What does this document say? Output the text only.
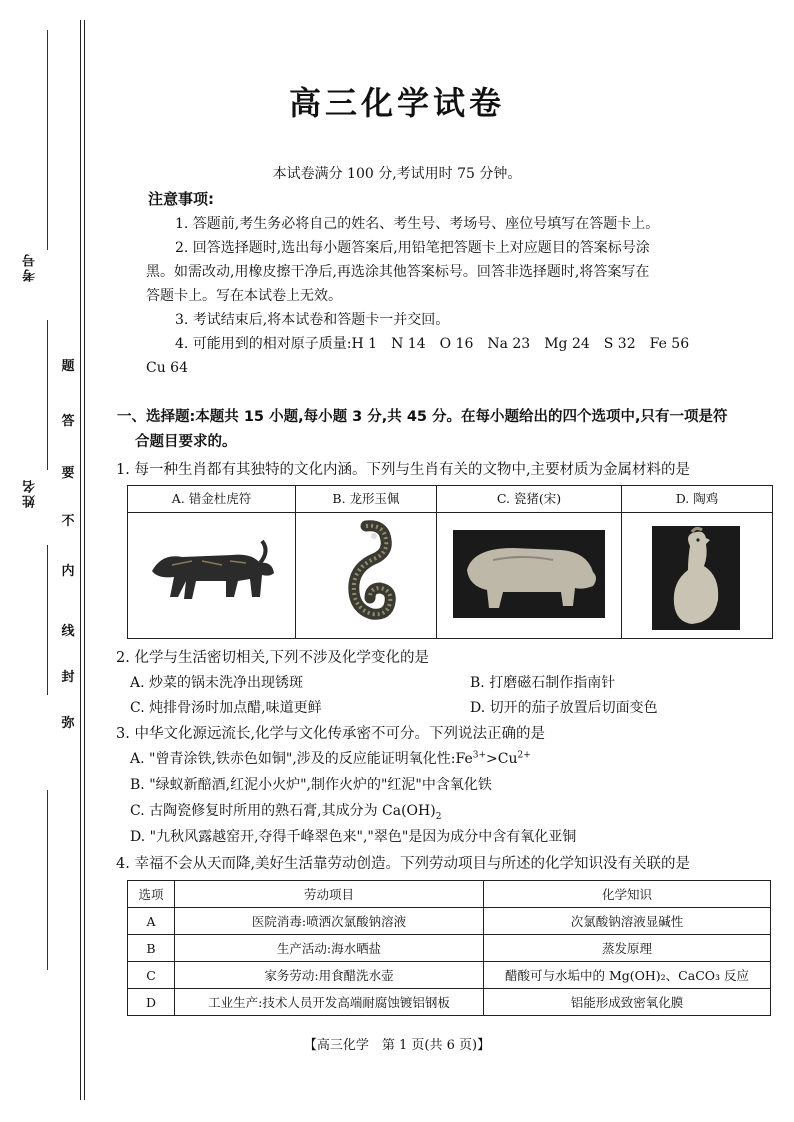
考号
姓名
弥
封
线
内
不
要
答
题
高三化学试卷
本试卷满分 100 分,考试用时 75 分钟。
注意事项:
1. 答题前,考生务必将自己的姓名、考生号、考场号、座位号填写在答题卡上。
2. 回答选择题时,选出每小题答案后,用铅笔把答题卡上对应题目的答案标号涂
黑。如需改动,用橡皮擦干净后,再选涂其他答案标号。回答非选择题时,将答案写在
答题卡上。写在本试卷上无效。
3. 考试结束后,将本试卷和答题卡一并交回。
4. 可能用到的相对原子质量:H 1　N 14　O 16　Na 23　Mg 24　S 32　Fe 56
Cu 64
一、选择题:本题共 15 小题,每小题 3 分,共 45 分。在每小题给出的四个选项中,只有一项是符
合题目要求的。
1. 每一种生肖都有其独特的文化内涵。下列与生肖有关的文物中,主要材质为金属材料的是
A. 错金杜虎符	B. 龙形玉佩	C. 瓷猪(宋)	D. 陶鸡
2. 化学与生活密切相关,下列不涉及化学变化的是
A. 炒菜的锅未洗净出现锈斑	B. 打磨磁石制作指南针
C. 炖排骨汤时加点醋,味道更鲜	D. 切开的茄子放置后切面变色
3. 中华文化源远流长,化学与文化传承密不可分。下列说法正确的是
A. "曾青涂铁,铁赤色如铜",涉及的反应能证明氧化性$:Fe^{3+}>Cu^{2+}$
B. "绿蚁新醅酒,红泥小火炉",制作火炉的"红泥"中含氧化铁
C. 古陶瓷修复时所用的熟石膏,其成分为 $Ca(OH)_2$
D. "九秋风露越窑开,夺得千峰翠色来","翠色"是因为成分中含有氧化亚铜
4. 幸福不会从天而降,美好生活靠劳动创造。下列劳动项目与所述的化学知识没有关联的是
选项	劳动项目	化学知识
A	医院消毒:喷洒次氯酸钠溶液	次氯酸钠溶液显碱性
B	生产活动:海水晒盐	蒸发原理
C	家务劳动:用食醋洗水壶	醋酸可与水垢中的 Mg(OH)₂、CaCO₃ 反应
D	工业生产:技术人员开发高端耐腐蚀镀铝钢板	铝能形成致密氧化膜
【高三化学　第 1 页(共 6 页)】
